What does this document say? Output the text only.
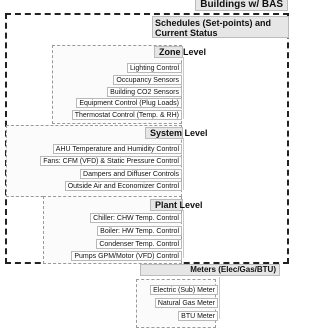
Buildings w/ BAS
Schedules (Set-points) and Current Status
Zone Level
Lighting Control
Occupancy Sensors
Building CO2 Sensors
Equipment Control (Plug Loads)
Thermostat Control (Temp. & RH)
System Level
AHU Temperature and Humidity Control
Fans: CFM (VFD) & Static Pressure Control
Dampers and Diffuser Controls
Outside Air and Economizer Control
Plant Level
Chiller: CHW Temp. Control
Boiler: HW Temp. Control
Condenser Temp. Control
Pumps GPM/Motor (VFD) Control
Meters (Elec/Gas/BTU)
Electric (Sub) Meter
Natural Gas Meter
BTU Meter
